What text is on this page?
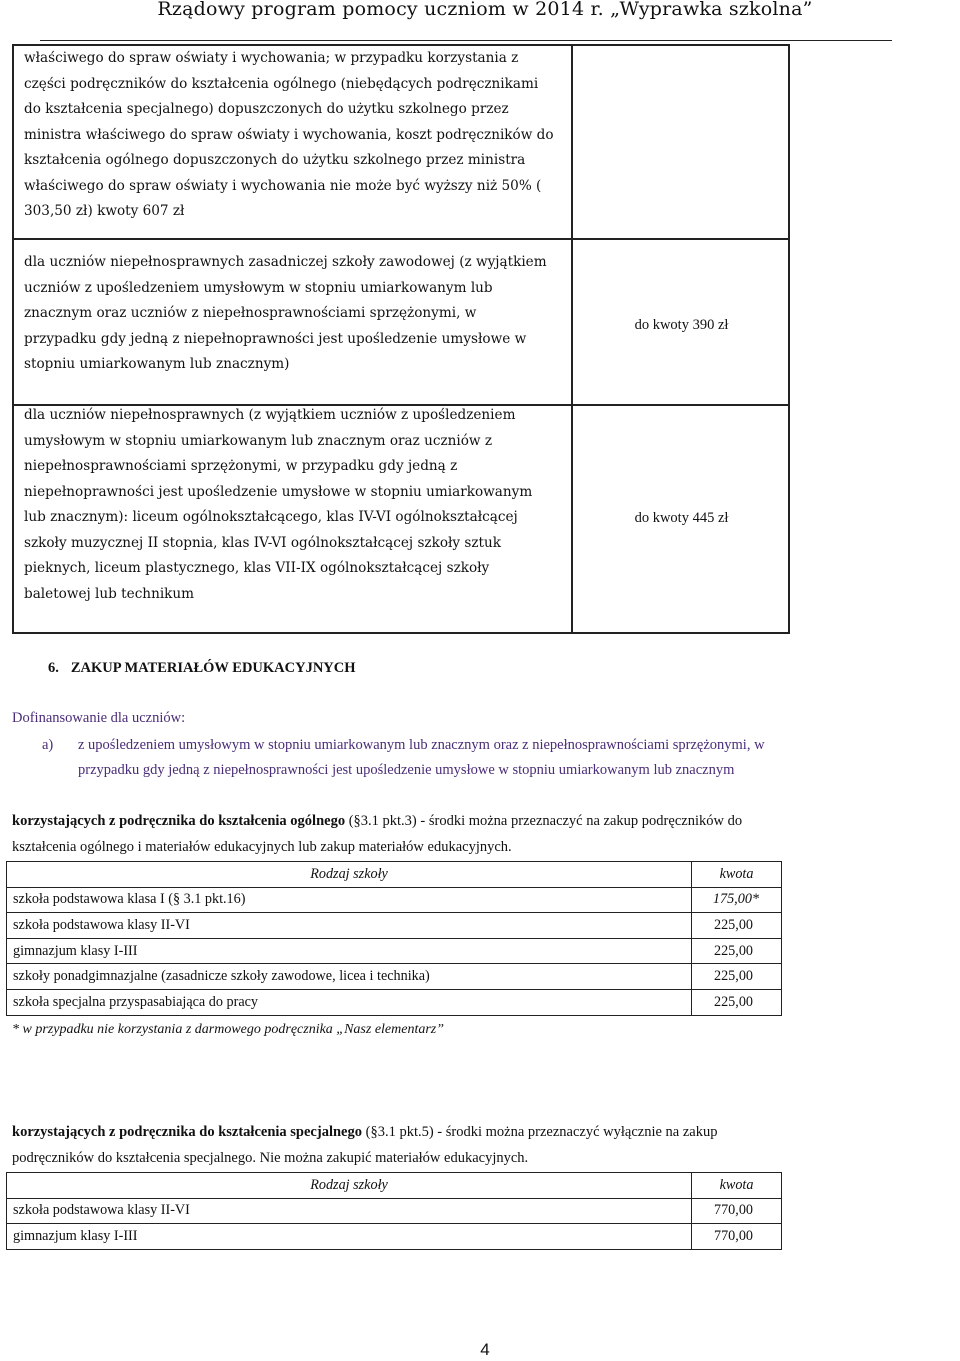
Rządowy program pomocy uczniom w 2014 r. „Wyprawka szkolna”
właściwego do spraw oświaty i wychowania; w przypadku korzystania z
części podręczników do kształcenia ogólnego (niebędących podręcznikami
do kształcenia specjalnego) dopuszczonych do użytku szkolnego przez
ministra właściwego do spraw oświaty i wychowania, koszt podręczników do
kształcenia ogólnego dopuszczonych do użytku szkolnego przez ministra
właściwego do spraw oświaty i wychowania nie może być wyższy niż 50% (
303,50 zł) kwoty 607 zł
dla uczniów niepełnosprawnych zasadniczej szkoły zawodowej (z wyjątkiem
uczniów z upośledzeniem umysłowym w stopniu umiarkowanym lub
znacznym oraz uczniów z niepełnosprawnościami sprzężonymi, w
przypadku gdy jedną z niepełnoprawności jest upośledzenie umysłowe w
stopniu umiarkowanym lub znacznym)
do kwoty 390 zł
dla uczniów niepełnosprawnych (z wyjątkiem uczniów z upośledzeniem
umysłowym w stopniu umiarkowanym lub znacznym oraz uczniów z
niepełnosprawnościami sprzężonymi, w przypadku gdy jedną z
niepełnoprawności jest upośledzenie umysłowe w stopniu umiarkowanym
lub znacznym): liceum ogólnokształcącego, klas IV-VI ogólnokształcącej
szkoły muzycznej II stopnia, klas IV-VI ogólnokształcącej szkoły sztuk
pieknych, liceum plastycznego, klas VII-IX ogólnokształcącej szkoły
baletowej lub technikum
do kwoty 445 zł
6. ZAKUP MATERIAŁÓW EDUKACYJNYCH
Dofinansowanie dla uczniów:
a) z upośledzeniem umysłowym w stopniu umiarkowanym lub znacznym oraz z niepełnosprawnościami sprzężonymi, w
przypadku gdy jedną z niepełnosprawności jest upośledzenie umysłowe w stopniu umiarkowanym lub znacznym
korzystających z podręcznika do kształcenia ogólnego (§3.1 pkt.3) - środki można przeznaczyć na zakup podręczników do
kształcenia ogólnego i materiałów edukacyjnych lub zakup materiałów edukacyjnych.
Rodzaj szkoły	kwota
szkoła podstawowa klasa I (§ 3.1 pkt.16)	175,00*
szkoła podstawowa klasy II-VI	225,00
gimnazjum klasy I-III	225,00
szkoły ponadgimnazjalne (zasadnicze szkoły zawodowe, licea i technika)	225,00
szkoła specjalna przyspasabiająca do pracy	225,00
* w przypadku nie korzystania z darmowego podręcznika „Nasz elementarz”
korzystających z podręcznika do kształcenia specjalnego (§3.1 pkt.5) - środki można przeznaczyć wyłącznie na zakup
podręczników do kształcenia specjalnego. Nie można zakupić materiałów edukacyjnych.
Rodzaj szkoły	kwota
szkoła podstawowa klasy II-VI	770,00
gimnazjum klasy I-III	770,00
4
